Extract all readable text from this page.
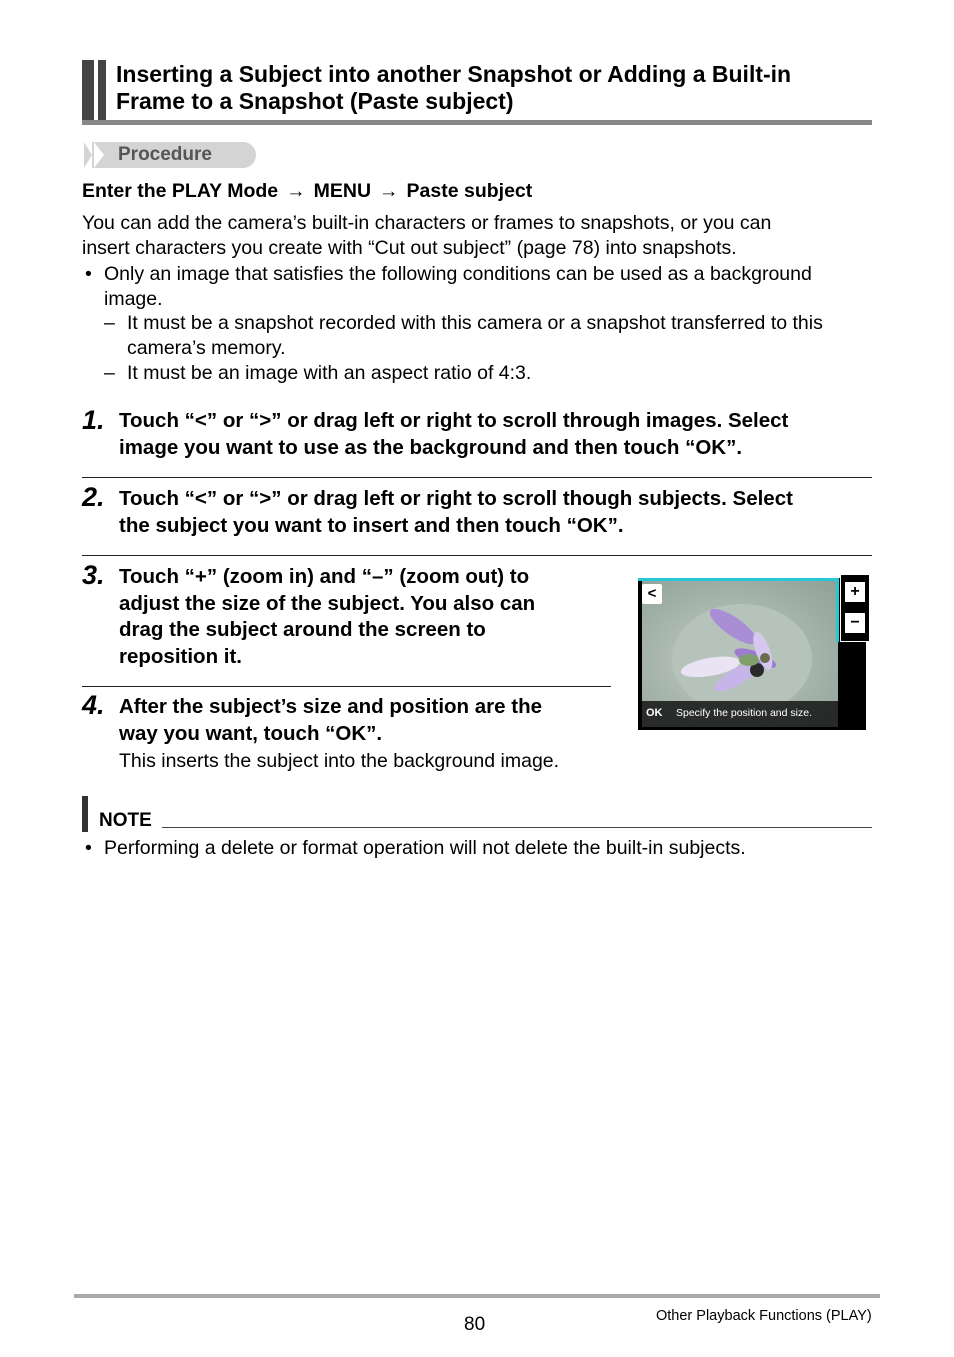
Inserting a Subject into another Snapshot or Adding a Built-in
Frame to a Snapshot (Paste subject)
Procedure
Enter the PLAY Mode → MENU → Paste subject
You can add the camera’s built-in characters or frames to snapshots, or you can
insert characters you create with “Cut out subject” (page 78) into snapshots.
• Only an image that satisfies the following conditions can be used as a background
image.
– It must be a snapshot recorded with this camera or a snapshot transferred to this
camera’s memory.
– It must be an image with an aspect ratio of 4:3.
1. Touch “<” or “>” or drag left or right to scroll through images. Select
image you want to use as the background and then touch “OK”.
2. Touch “<” or “>” or drag left or right to scroll though subjects. Select
the subject you want to insert and then touch “OK”.
3. Touch “+” (zoom in) and “–” (zoom out) to
adjust the size of the subject. You also can
drag the subject around the screen to
reposition it.
4. After the subject’s size and position are the
way you want, touch “OK”.
This inserts the subject into the background image.
<	+
−
OK Specify the position and size.
NOTE
• Performing a delete or format operation will not delete the built-in subjects.
80	Other Playback Functions (PLAY)
